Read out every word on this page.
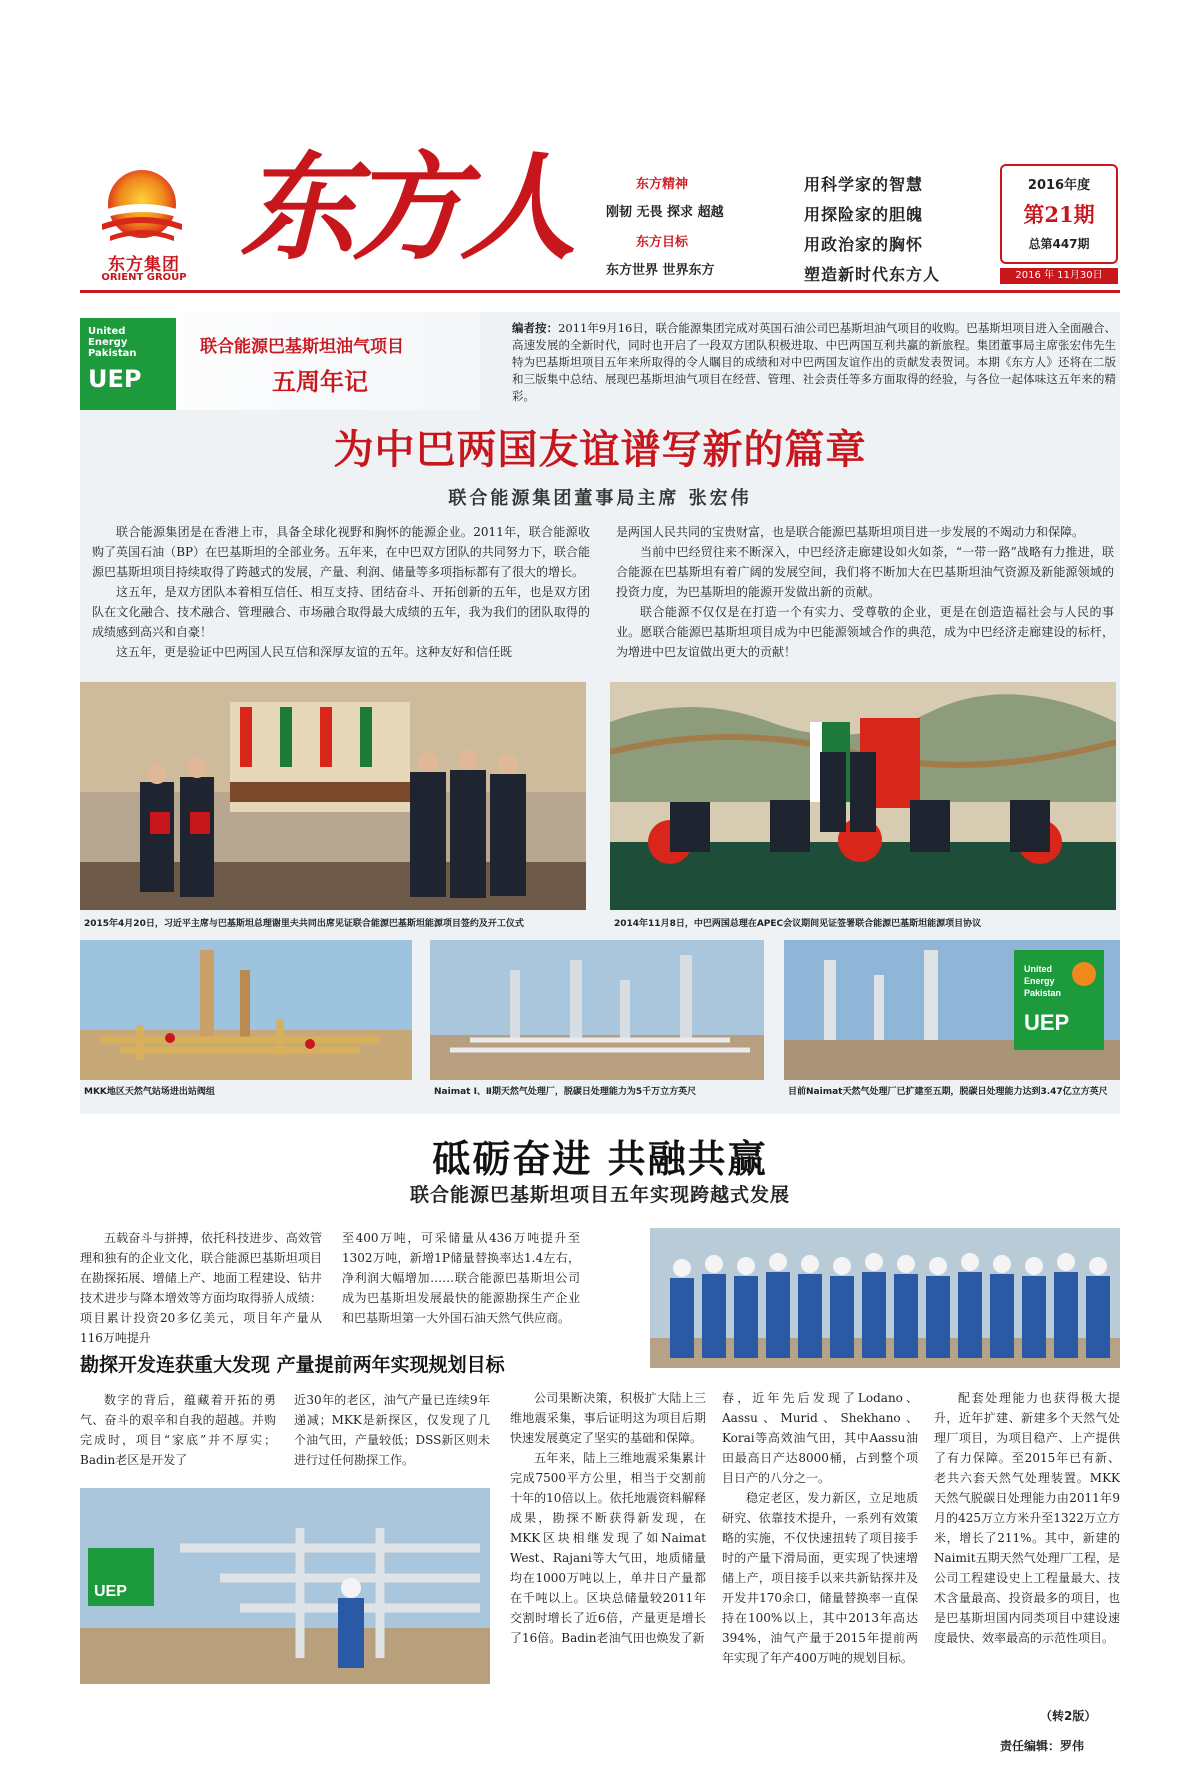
东方集团
ORIENT GROUP
东方人	东方精神
刚韧 无畏 探求 超越
东方目标
东方世界 世界东方
用科学家的智慧
用探险家的胆魄
用政治家的胸怀
塑造新时代东方人
2016年度
第21期
总第447期
2016 年 11月30日
United
Energy
Pakistan
UEP
联合能源巴基斯坦油气项目
五周年记
编者按：2011年9月16日，联合能源集团完成对英国石油公司巴基斯坦油气项目的收购。巴基斯坦项目进入全面融合、高速发展的全新时代，同时也开启了一段双方团队积极进取、中巴两国互利共赢的新旅程。集团董事局主席张宏伟先生特为巴基斯坦项目五年来所取得的令人瞩目的成绩和对中巴两国友谊作出的贡献发表贺词。本期《东方人》还将在二版和三版集中总结、展现巴基斯坦油气项目在经营、管理、社会责任等多方面取得的经验，与各位一起体味这五年来的精彩。
为中巴两国友谊谱写新的篇章
联合能源集团董事局主席 张宏伟

联合能源集团是在香港上市，具备全球化视野和胸怀的能源企业。2011年，联合能源收购了英国石油（BP）在巴基斯坦的全部业务。五年来，在中巴双方团队的共同努力下，联合能源巴基斯坦项目持续取得了跨越式的发展，产量、利润、储量等多项指标都有了很大的增长。

这五年，是双方团队本着相互信任、相互支持、团结奋斗、开拓创新的五年，也是双方团队在文化融合、技术融合、管理融合、市场融合取得最大成绩的五年，我为我们的团队取得的成绩感到高兴和自豪！

这五年，更是验证中巴两国人民互信和深厚友谊的五年。这种友好和信任既

是两国人民共同的宝贵财富，也是联合能源巴基斯坦项目进一步发展的不竭动力和保障。

当前中巴经贸往来不断深入，中巴经济走廊建设如火如荼，“一带一路”战略有力推进，联合能源在巴基斯坦有着广阔的发展空间，我们将不断加大在巴基斯坦油气资源及新能源领域的投资力度，为巴基斯坦的能源开发做出新的贡献。

联合能源不仅仅是在打造一个有实力、受尊敬的企业，更是在创造造福社会与人民的事业。愿联合能源巴基斯坦项目成为中巴能源领域合作的典范，成为中巴经济走廊建设的标杆，为增进中巴友谊做出更大的贡献！

2015年4月20日，习近平主席与巴基斯坦总理谢里夫共同出席见证联合能源巴基斯坦能源项目签约及开工仪式	2014年11月8日，中巴两国总理在APEC会议期间见证签署联合能源巴基斯坦能源项目协议
MKK地区天然气站场进出站阀组	Naimat Ⅰ、Ⅱ期天然气处理厂，脱碳日处理能力为5千万立方英尺
UEP
United
Energy
Pakistan
目前Naimat天然气处理厂已扩建至五期，脱碳日处理能力达到3.47亿立方英尺
砥砺奋进 共融共赢
联合能源巴基斯坦项目五年实现跨越式发展

五载奋斗与拼搏，依托科技进步、高效管理和独有的企业文化，联合能源巴基斯坦项目在勘探拓展、增储上产、地面工程建设、钻井技术进步与降本增效等方面均取得骄人成绩：项目累计投资20多亿美元，项目年产量从116万吨提升

至400万吨，可采储量从436万吨提升至1302万吨，新增1P储量替换率达1.4左右，净利润大幅增加……联合能源巴基斯坦公司成为巴基斯坦发展最快的能源勘探生产企业和巴基斯坦第一大外国石油天然气供应商。

勘探开发连获重大发现 产量提前两年实现规划目标

数字的背后，蕴藏着开拓的勇气、奋斗的艰辛和自我的超越。并购完成时，项目“家底”并不厚实；Badin老区是开发了

近30年的老区，油气产量已连续9年递减；MKK是新探区，仅发现了几个油气田，产量较低；DSS新区则未进行过任何勘探工作。

UEP

公司果断决策，积极扩大陆上三维地震采集，事后证明这为项目后期快速发展奠定了坚实的基础和保障。

五年来，陆上三维地震采集累计完成7500平方公里，相当于交割前十年的10倍以上。依托地震资料解释成果，勘探不断获得新发现，在MKK区块相继发现了如Naimat West、Rajani等大气田，地质储量均在1000万吨以上，单井日产量都在千吨以上。区块总储量较2011年交割时增长了近6倍，产量更是增长了16倍。Badin老油气田也焕发了新

春，近年先后发现了Lodano、Aassu、Murid、Shekhano、Korai等高效油气田，其中Aassu油田最高日产达8000桶，占到整个项目日产的八分之一。

稳定老区，发力新区，立足地质研究、依靠技术提升，一系列有效策略的实施，不仅快速扭转了项目接手时的产量下滑局面，更实现了快速增储上产，项目接手以来共新钻探井及开发井170余口，储量替换率一直保持在100%以上，其中2013年高达394%，油气产量于2015年提前两年实现了年产400万吨的规划目标。

配套处理能力也获得极大提升，近年扩建、新建多个天然气处理厂项目，为项目稳产、上产提供了有力保障。至2015年已有新、老共六套天然气处理装置。MKK天然气脱碳日处理能力由2011年9月的425万立方米升至1322万立方米，增长了211%。其中，新建的Naimit五期天然气处理厂工程，是公司工程建设史上工程量最大、技术含量最高、投资最多的项目，也是巴基斯坦国内同类项目中建设速度最快、效率最高的示范性项目。

（转2版）
责任编辑：罗伟
